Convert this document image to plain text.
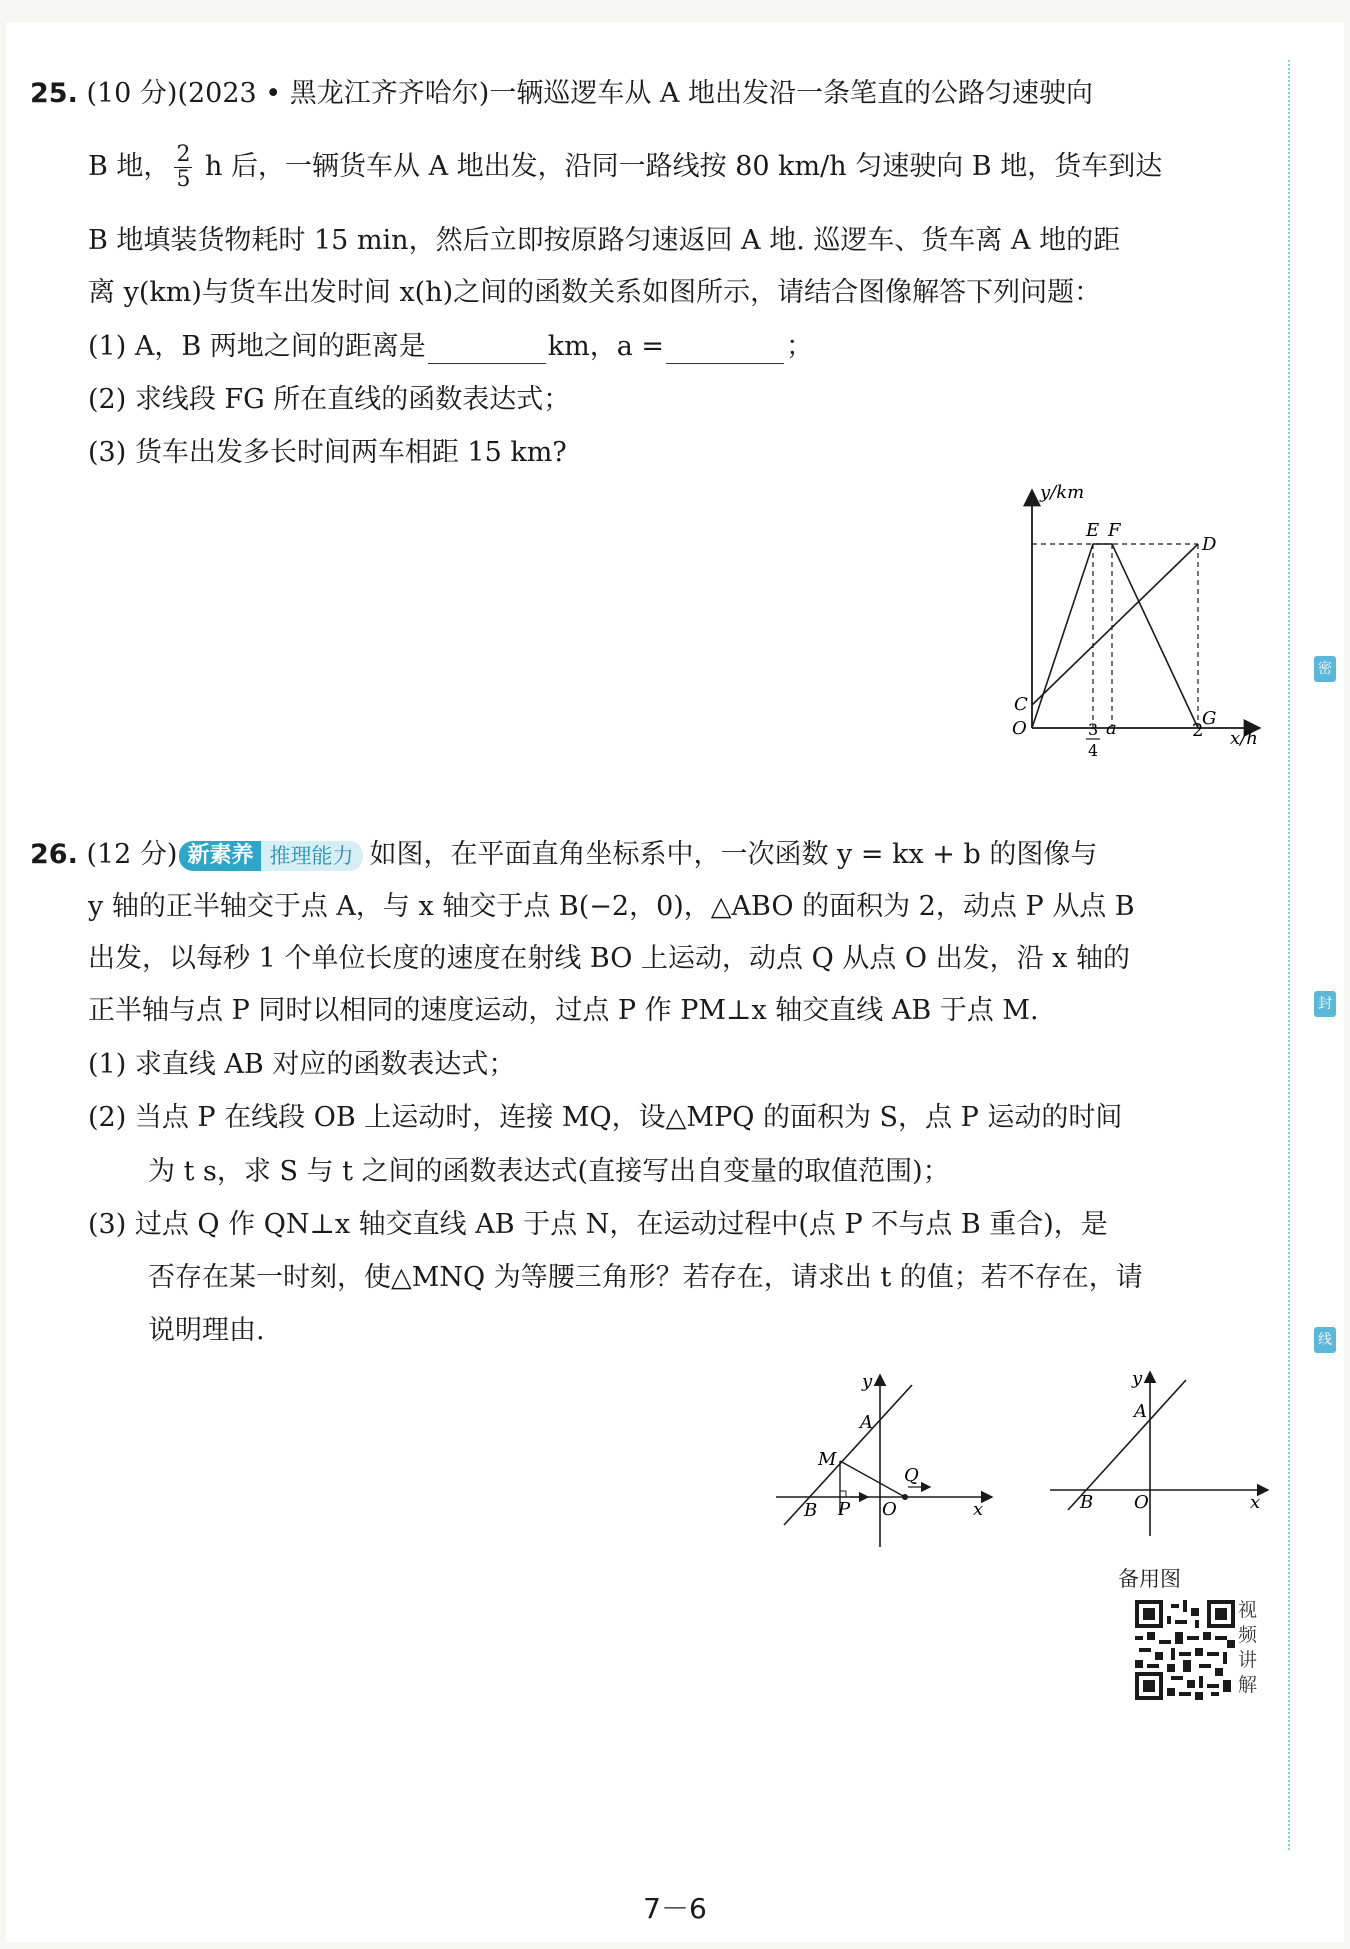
密
封
线
25. (10 分)(2023 • 黑龙江齐齐哈尔)一辆巡逻车从 A 地出发沿一条笔直的公路匀速驶向
B 地， $\frac{2}{5}$ h 后，一辆货车从 A 地出发，沿同一路线按 80 km/h 匀速驶向 B 地，货车到达
B 地填装货物耗时 15 min，然后立即按原路匀速返回 A 地. 巡逻车、货车离 A 地的距
离 y(km)与货车出发时间 x(h)之间的函数关系如图所示，请结合图像解答下列问题：
(1) A，B 两地之间的距离是	km，a =	；
(2) 求线段 FG 所在直线的函数表达式；
(3) 货车出发多长时间两车相距 15 km?
y/km
x/h
E F
D
C
O	G
a	2
3
4
26. (12 分) 新素养 推理能力 如图，在平面直角坐标系中，一次函数 y = kx + b 的图像与
y 轴的正半轴交于点 A，与 x 轴交于点 B(−2，0)，△ABO 的面积为 2，动点 P 从点 B
出发，以每秒 1 个单位长度的速度在射线 BO 上运动，动点 Q 从点 O 出发，沿 x 轴的
正半轴与点 P 同时以相同的速度运动，过点 P 作 PM⊥x 轴交直线 AB 于点 M.
(1) 求直线 AB 对应的函数表达式；
(2) 当点 P 在线段 OB 上运动时，连接 MQ，设△MPQ 的面积为 S，点 P 运动的时间
为 t s，求 S 与 t 之间的函数表达式(直接写出自变量的取值范围)；
(3) 过点 Q 作 QN⊥x 轴交直线 AB 于点 N，在运动过程中(点 P 不与点 B 重合)，是
否存在某一时刻，使△MNQ 为等腰三角形？若存在，请求出 t 的值；若不存在，请
说明理由.
y
x
A
M
Q
B P O
y
x
A
B O
备用图
视
频
讲
解
7－6
